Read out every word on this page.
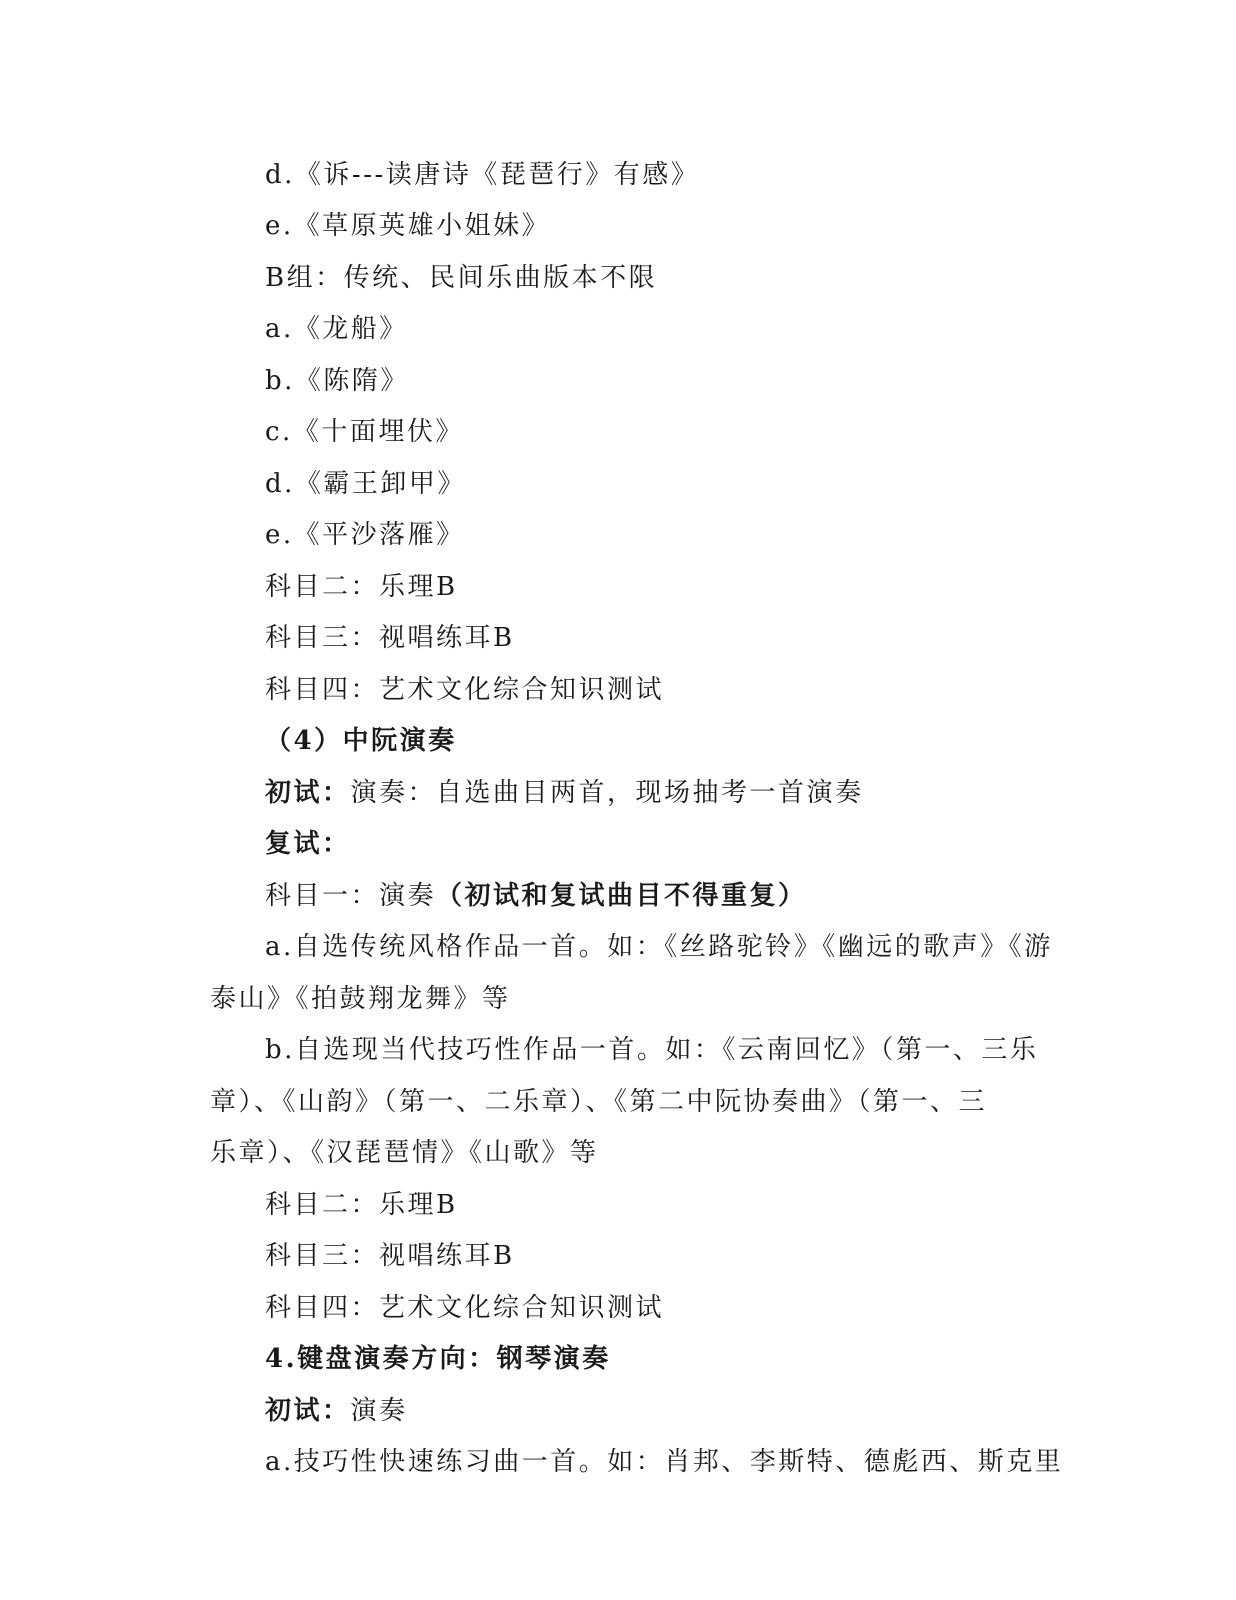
d.《诉---读唐诗《琵琶行》有感》
e.《草原英雄小姐妹》
B组：传统、民间乐曲版本不限
a.《龙船》
b.《陈隋》
c.《十面埋伏》
d.《霸王卸甲》
e.《平沙落雁》
科目二：乐理B
科目三：视唱练耳B
科目四：艺术文化综合知识测试
（4）中阮演奏
初试：演奏：自选曲目两首，现场抽考一首演奏
复试：
科目一：演奏（初试和复试曲目不得重复）
a.自选传统风格作品一首。如：《丝路驼铃》《幽远的歌声》《游
泰山》《拍鼓翔龙舞》等
b.自选现当代技巧性作品一首。如：《云南回忆》（第一、三乐
章）、《山韵》（第一、二乐章）、《第二中阮协奏曲》（第一、三
乐章）、《汉琵琶情》《山歌》等
科目二：乐理B
科目三：视唱练耳B
科目四：艺术文化综合知识测试
4.键盘演奏方向：钢琴演奏
初试：演奏
a.技巧性快速练习曲一首。如：肖邦、李斯特、德彪西、斯克里
